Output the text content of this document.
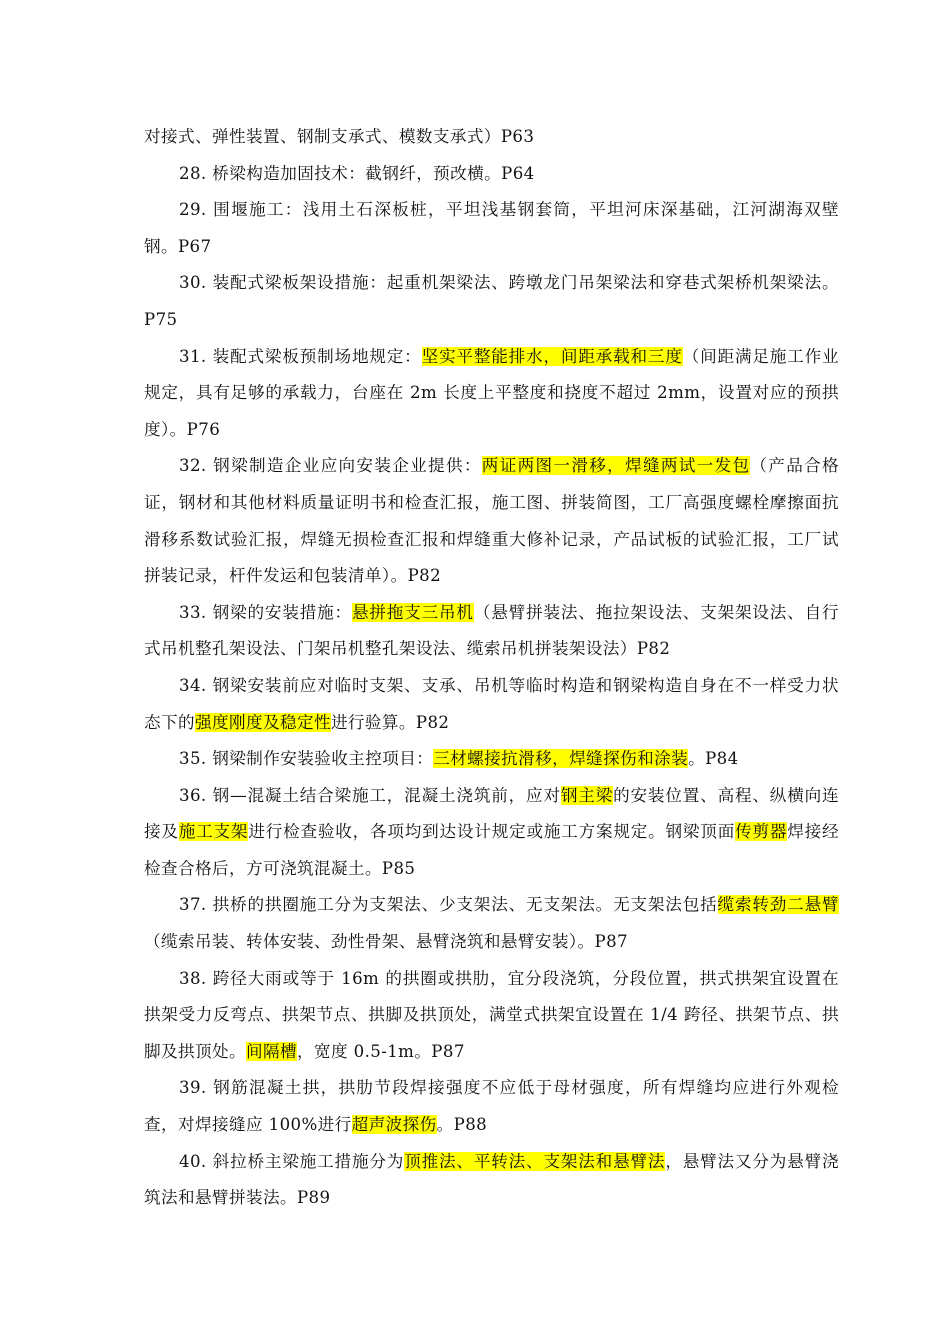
对接式、弹性装置、钢制支承式、模数支承式）P63

28. 桥梁构造加固技术：截钢纤，预改横。P64

29. 围堰施工：浅用土石深板桩，平坦浅基钢套筒，平坦河床深基础，江河湖海双壁钢。P67

30. 装配式梁板架设措施：起重机架梁法、跨墩龙门吊架梁法和穿巷式架桥机架梁法。P75

31. 装配式梁板预制场地规定：坚实平整能排水，间距承载和三度（间距满足施工作业规定，具有足够的承载力，台座在 2m 长度上平整度和挠度不超过 2mm，设置对应的预拱度）。P76

32. 钢梁制造企业应向安装企业提供：两证两图一滑移，焊缝两试一发包（产品合格证，钢材和其他材料质量证明书和检查汇报，施工图、拼装简图，工厂高强度螺栓摩擦面抗滑移系数试验汇报，焊缝无损检查汇报和焊缝重大修补记录，产品试板的试验汇报，工厂试拼装记录，杆件发运和包装清单）。P82

33. 钢梁的安装措施：悬拼拖支三吊机（悬臂拼装法、拖拉架设法、支架架设法、自行式吊机整孔架设法、门架吊机整孔架设法、缆索吊机拼装架设法）P82

34. 钢梁安装前应对临时支架、支承、吊机等临时构造和钢梁构造自身在不一样受力状态下的强度刚度及稳定性进行验算。P82

35. 钢梁制作安装验收主控项目：三材螺接抗滑移，焊缝探伤和涂装。P84

36. 钢—混凝土结合梁施工，混凝土浇筑前，应对钢主梁的安装位置、高程、纵横向连接及施工支架进行检查验收，各项均到达设计规定或施工方案规定。钢梁顶面传剪器焊接经检查合格后，方可浇筑混凝土。P85

37. 拱桥的拱圈施工分为支架法、少支架法、无支架法。无支架法包括缆索转劲二悬臂（缆索吊装、转体安装、劲性骨架、悬臂浇筑和悬臂安装）。P87

38. 跨径大雨或等于 16m 的拱圈或拱肋，宜分段浇筑，分段位置，拱式拱架宜设置在拱架受力反弯点、拱架节点、拱脚及拱顶处，满堂式拱架宜设置在 1/4 跨径、拱架节点、拱脚及拱顶处。间隔槽，宽度 0.5-1m。P87

39. 钢筋混凝土拱，拱肋节段焊接强度不应低于母材强度，所有焊缝均应进行外观检查，对焊接缝应 100%进行超声波探伤。P88

40. 斜拉桥主梁施工措施分为顶推法、平转法、支架法和悬臂法，悬臂法又分为悬臂浇筑法和悬臂拼装法。P89
